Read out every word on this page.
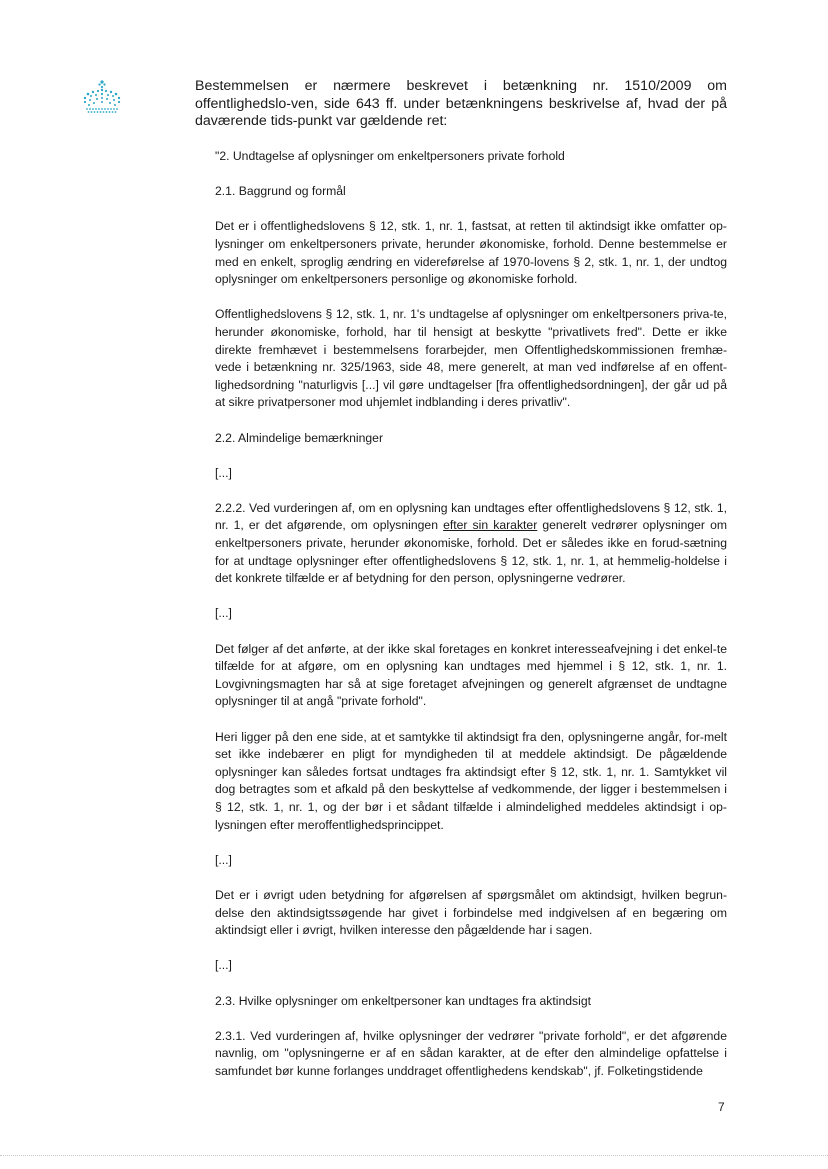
Bestemmelsen er nærmere beskrevet i betænkning nr. 1510/2009 om offentlighedslo-ven, side 643 ff. under betænkningens beskrivelse af, hvad der på daværende tids-punkt var gældende ret:

"2. Undtagelse af oplysninger om enkeltpersoners private forhold

2.1. Baggrund og formål

Det er i offentlighedslovens § 12, stk. 1, nr. 1, fastsat, at retten til aktindsigt ikke omfatter op-lysninger om enkeltpersoners private, herunder økonomiske, forhold. Denne bestemmelse er med en enkelt, sproglig ændring en videreførelse af 1970-lovens § 2, stk. 1, nr. 1, der undtog oplysninger om enkeltpersoners personlige og økonomiske forhold.

Offentlighedslovens § 12, stk. 1, nr. 1's undtagelse af oplysninger om enkeltpersoners priva-te, herunder økonomiske, forhold, har til hensigt at beskytte "privatlivets fred". Dette er ikke direkte fremhævet i bestemmelsens forarbejder, men Offentlighedskommissionen fremhæ-vede i betænkning nr. 325/1963, side 48, mere generelt, at man ved indførelse af en offent-lighedsordning "naturligvis [...] vil gøre undtagelser [fra offentlighedsordningen], der går ud på at sikre privatpersoner mod uhjemlet indblanding i deres privatliv".

2.2. Almindelige bemærkninger

[...]

2.2.2. Ved vurderingen af, om en oplysning kan undtages efter offentlighedslovens § 12, stk. 1, nr. 1, er det afgørende, om oplysningen efter sin karakter generelt vedrører oplysninger om enkeltpersoners private, herunder økonomiske, forhold. Det er således ikke en forud-sætning for at undtage oplysninger efter offentlighedslovens § 12, stk. 1, nr. 1, at hemmelig-holdelse i det konkrete tilfælde er af betydning for den person, oplysningerne vedrører.

[...]

Det følger af det anførte, at der ikke skal foretages en konkret interesseafvejning i det enkel-te tilfælde for at afgøre, om en oplysning kan undtages med hjemmel i § 12, stk. 1, nr. 1. Lovgivningsmagten har så at sige foretaget afvejningen og generelt afgrænset de undtagne oplysninger til at angå "private forhold".

Heri ligger på den ene side, at et samtykke til aktindsigt fra den, oplysningerne angår, for-melt set ikke indebærer en pligt for myndigheden til at meddele aktindsigt. De pågældende oplysninger kan således fortsat undtages fra aktindsigt efter § 12, stk. 1, nr. 1. Samtykket vil dog betragtes som et afkald på den beskyttelse af vedkommende, der ligger i bestemmelsen i § 12, stk. 1, nr. 1, og der bør i et sådant tilfælde i almindelighed meddeles aktindsigt i op-lysningen efter meroffentlighedsprincippet.

[...]

Det er i øvrigt uden betydning for afgørelsen af spørgsmålet om aktindsigt, hvilken begrun-delse den aktindsigtssøgende har givet i forbindelse med indgivelsen af en begæring om aktindsigt eller i øvrigt, hvilken interesse den pågældende har i sagen.

[...]

2.3. Hvilke oplysninger om enkeltpersoner kan undtages fra aktindsigt

2.3.1. Ved vurderingen af, hvilke oplysninger der vedrører "private forhold", er det afgørende navnlig, om "oplysningerne er af en sådan karakter, at de efter den almindelige opfattelse i samfundet bør kunne forlanges unddraget offentlighedens kendskab", jf. Folketingstidende

7
